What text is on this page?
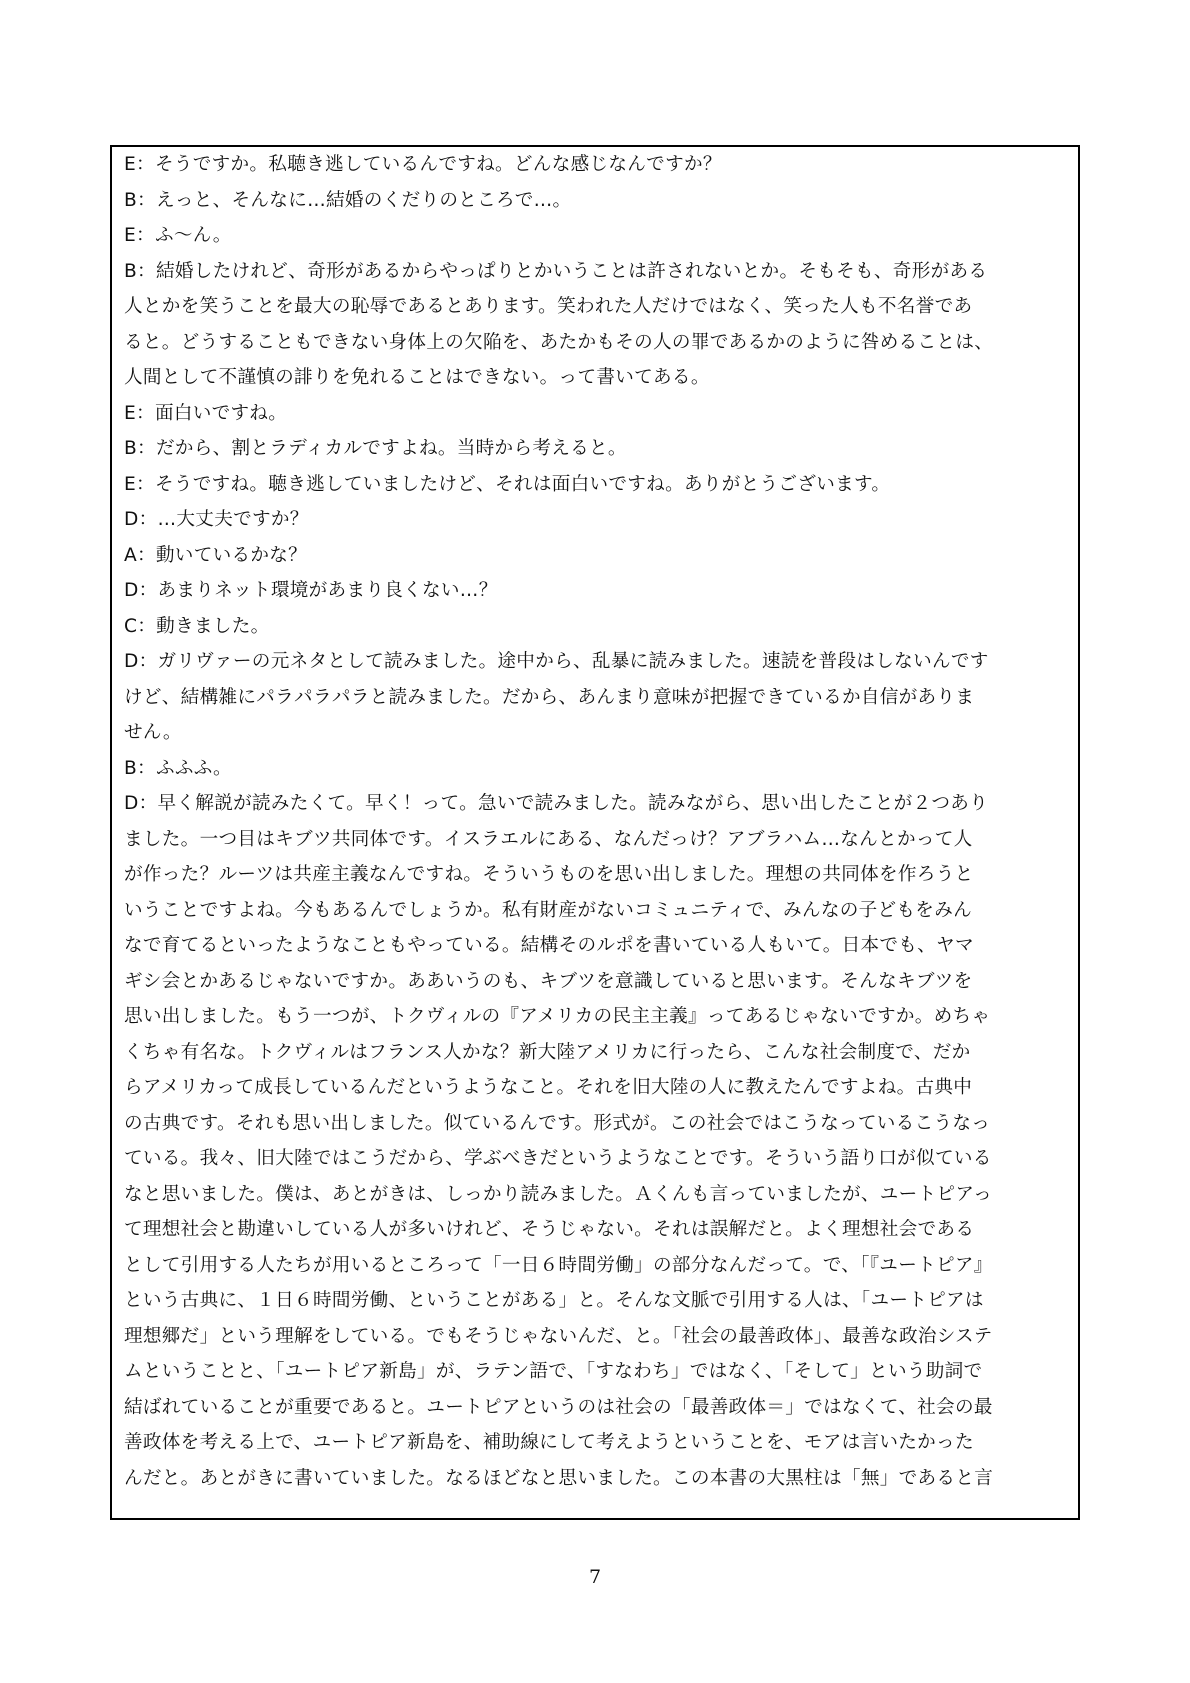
E：そうですか。私聴き逃しているんですね。どんな感じなんですか？
B：えっと、そんなに…結婚のくだりのところで…。
E：ふ～ん。
B：結婚したけれど、奇形があるからやっぱりとかいうことは許されないとか。そもそも、奇形がある
人とかを笑うことを最大の恥辱であるとあります。笑われた人だけではなく、笑った人も不名誉であ
ると。どうすることもできない身体上の欠陥を、あたかもその人の罪であるかのように咎めることは、
人間として不謹慎の誹りを免れることはできない。って書いてある。
E：面白いですね。
B：だから、割とラディカルですよね。当時から考えると。
E：そうですね。聴き逃していましたけど、それは面白いですね。ありがとうございます。
D：…大丈夫ですか？
A：動いているかな？
D：あまりネット環境があまり良くない…？
C：動きました。
D：ガリヴァーの元ネタとして読みました。途中から、乱暴に読みました。速読を普段はしないんです
けど、結構雑にパラパラパラと読みました。だから、あんまり意味が把握できているか自信がありま
せん。
B：ふふふ。
D：早く解説が読みたくて。早く！って。急いで読みました。読みながら、思い出したことが２つあり
ました。一つ目はキブツ共同体です。イスラエルにある、なんだっけ？アブラハム…なんとかって人
が作った？ルーツは共産主義なんですね。そういうものを思い出しました。理想の共同体を作ろうと
いうことですよね。今もあるんでしょうか。私有財産がないコミュニティで、みんなの子どもをみん
なで育てるといったようなこともやっている。結構そのルポを書いている人もいて。日本でも、ヤマ
ギシ会とかあるじゃないですか。ああいうのも、キブツを意識していると思います。そんなキブツを
思い出しました。もう一つが、トクヴィルの『アメリカの民主主義』ってあるじゃないですか。めちゃ
くちゃ有名な。トクヴィルはフランス人かな？新大陸アメリカに行ったら、こんな社会制度で、だか
らアメリカって成長しているんだというようなこと。それを旧大陸の人に教えたんですよね。古典中
の古典です。それも思い出しました。似ているんです。形式が。この社会ではこうなっているこうなっ
ている。我々、旧大陸ではこうだから、学ぶべきだというようなことです。そういう語り口が似ている
なと思いました。僕は、あとがきは、しっかり読みました。Ａくんも言っていましたが、ユートピアっ
て理想社会と勘違いしている人が多いけれど、そうじゃない。それは誤解だと。よく理想社会である
として引用する人たちが用いるところって「一日６時間労働」の部分なんだって。で、「『ユートピア』
という古典に、１日６時間労働、ということがある」と。そんな文脈で引用する人は、「ユートピアは
理想郷だ」という理解をしている。でもそうじゃないんだ、と。「社会の最善政体」、最善な政治システ
ムということと、「ユートピア新島」が、ラテン語で、「すなわち」ではなく、「そして」という助詞で
結ばれていることが重要であると。ユートピアというのは社会の「最善政体＝」ではなくて、社会の最
善政体を考える上で、ユートピア新島を、補助線にして考えようということを、モアは言いたかった
んだと。あとがきに書いていました。なるほどなと思いました。この本書の大黒柱は「無」であると言
7
